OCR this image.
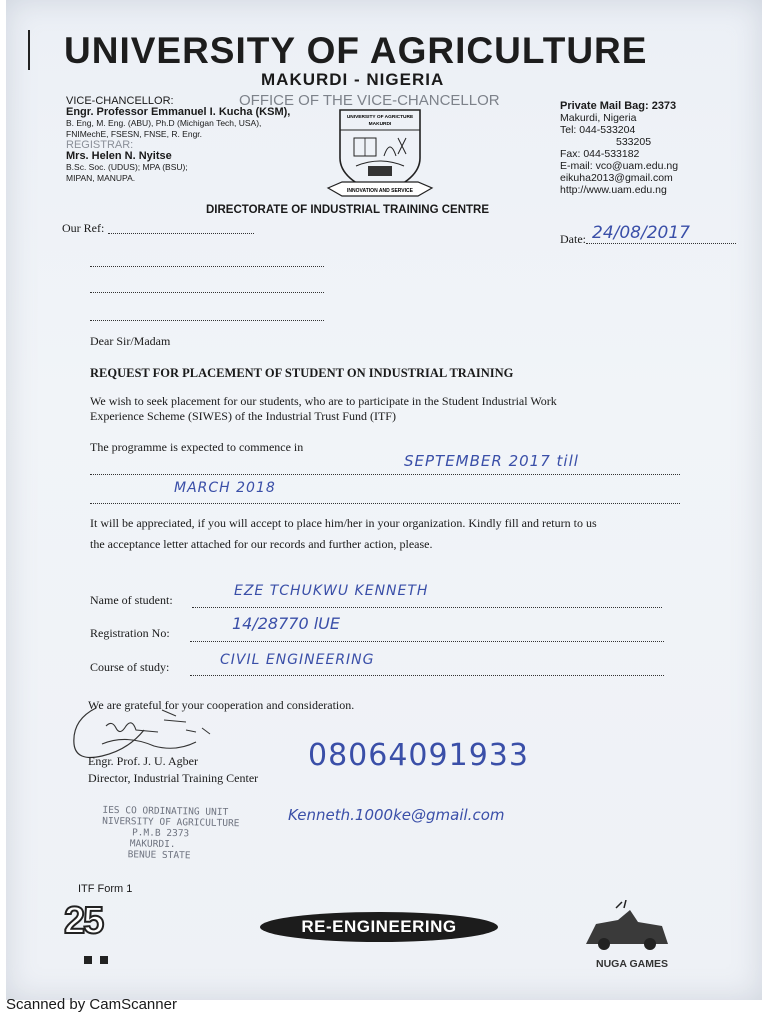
UNIVERSITY OF AGRICULTURE
MAKURDI - NIGERIA
OFFICE OF THE VICE-CHANCELLOR
VICE-CHANCELLOR:
Engr. Professor Emmanuel I. Kucha (KSM),
B. Eng, M. Eng. (ABU), Ph.D (Michigan Tech, USA),
FNIMechE, FSESN, FNSE, R. Engr.
REGISTRAR:
Mrs. Helen N. Nyitse
B.Sc. Soc. (UDUS); MPA (BSU);
MIPAN, MANUPA.
UNIVERSITY OF AGRICTURE
MAKURDI
INNOVATION AND SERVICE
Private Mail Bag: 2373
Makurdi, Nigeria
Tel: 044-533204
533205
Fax: 044-533182
E-mail: vco@uam.edu.ng
eikuha2013@gmail.com
http://www.uam.edu.ng
DIRECTORATE OF INDUSTRIAL TRAINING CENTRE
Our Ref:
Date: 24/08/2017
Dear Sir/Madam
REQUEST FOR PLACEMENT OF STUDENT ON INDUSTRIAL TRAINING
We wish to seek placement for our students, who are to participate in the Student Industrial Work
Experience Scheme (SIWES) of the Industrial Trust Fund (ITF)
The programme is expected to commence in
SEPTEMBER 2017 till
MARCH 2018
It will be appreciated, if you will accept to place him/her in your organization. Kindly fill and return to us
the acceptance letter attached for our records and further action, please.
Name of student:
EZE TCHUKWU KENNETH
Registration No:	14/28770 lUE
Course of study:	CIVIL ENGINEERING
We are grateful for your cooperation and consideration.
Engr. Prof. J. U. Agber
Director, Industrial Training Center
08064091933
Kenneth.1000ke@gmail.com
IES CO ORDINATING UNIT
NIVERSITY OF AGRICULTURE
P.M.B 2373
MAKURDI.
BENUE STATE
ITF Form 1
25	RE-ENGINEERING
NUGA GAMES
Scanned by CamScanner
